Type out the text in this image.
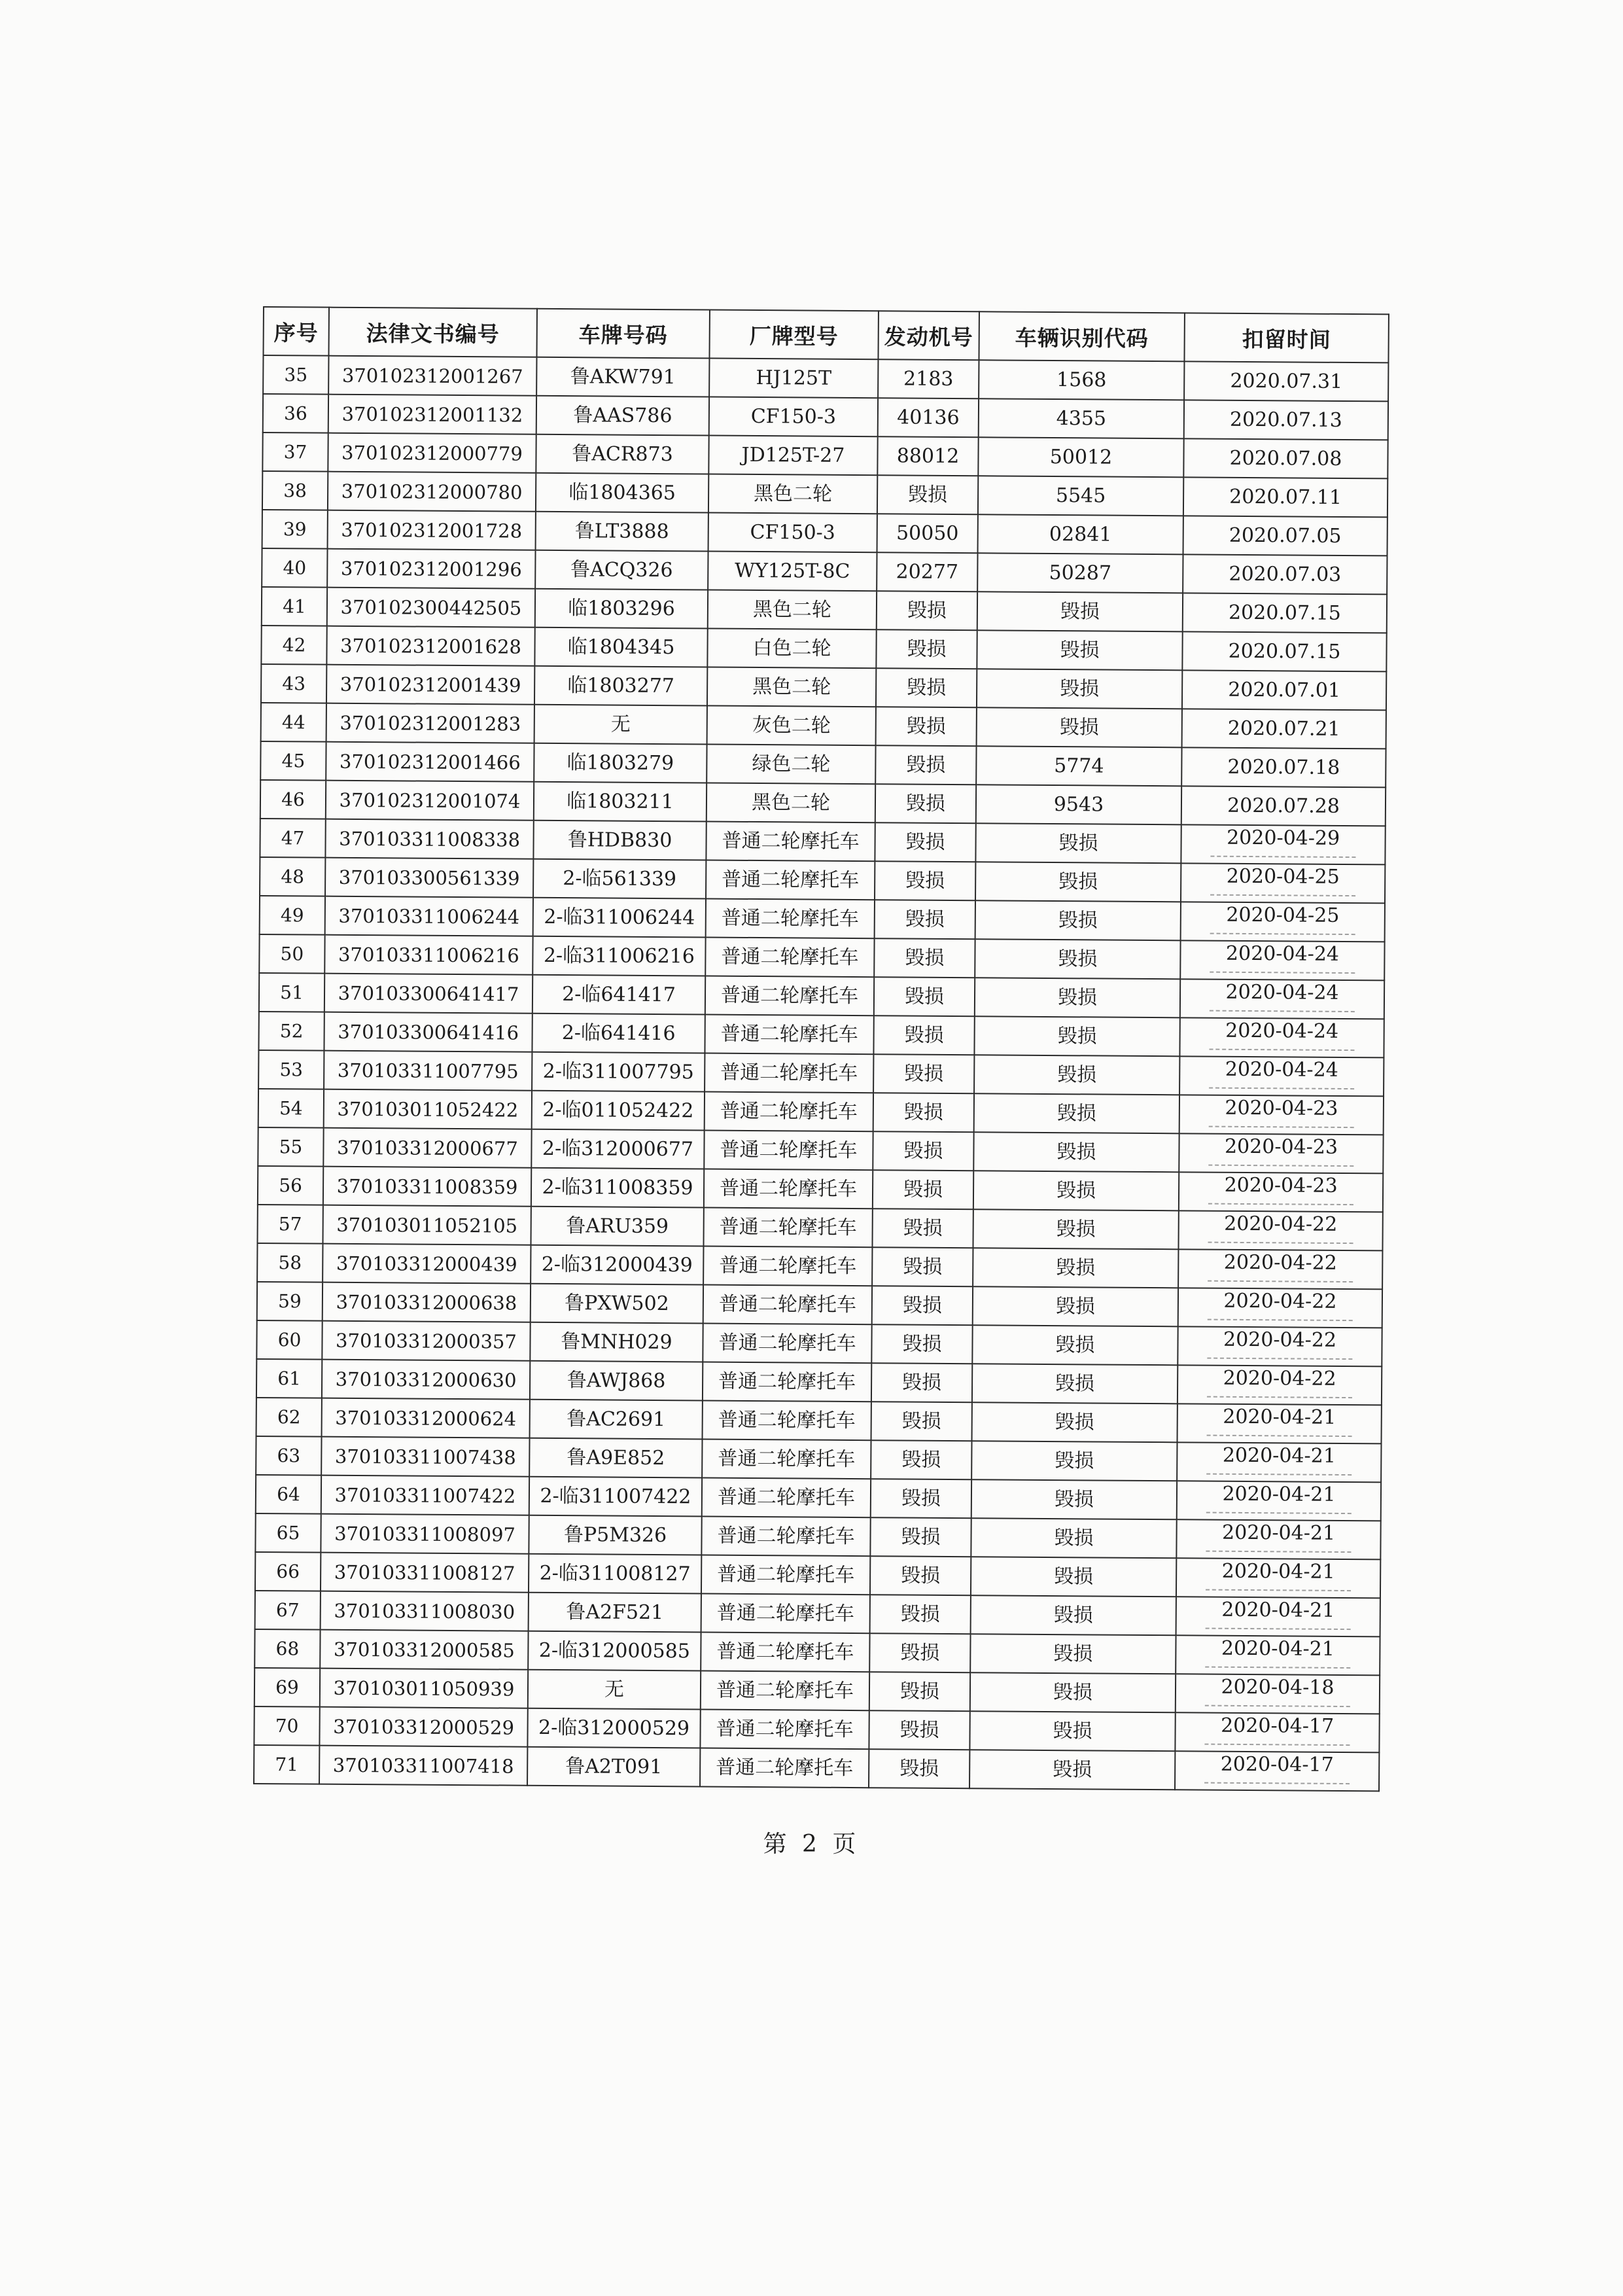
序号	法律文书编号	车牌号码	厂牌型号	发动机号	车辆识别代码	扣留时间
35	370102312001267	鲁AKW791	HJ125T	2183	1568	2020.07.31
36	370102312001132	鲁AAS786	CF150-3	40136	4355	2020.07.13
37	370102312000779	鲁ACR873	JD125T-27	88012	50012	2020.07.08
38	370102312000780	临1804365	黑色二轮	毁损	5545	2020.07.11
39	370102312001728	鲁LT3888	CF150-3	50050	02841	2020.07.05
40	370102312001296	鲁ACQ326	WY125T-8C	20277	50287	2020.07.03
41	370102300442505	临1803296	黑色二轮	毁损	毁损	2020.07.15
42	370102312001628	临1804345	白色二轮	毁损	毁损	2020.07.15
43	370102312001439	临1803277	黑色二轮	毁损	毁损	2020.07.01
44	370102312001283	无	灰色二轮	毁损	毁损	2020.07.21
45	370102312001466	临1803279	绿色二轮	毁损	5774	2020.07.18
46	370102312001074	临1803211	黑色二轮	毁损	9543	2020.07.28
47	370103311008338	鲁HDB830	普通二轮摩托车	毁损	毁损	2020-04-29
48	370103300561339	2-临561339	普通二轮摩托车	毁损	毁损	2020-04-25
49	370103311006244	2-临311006244	普通二轮摩托车	毁损	毁损	2020-04-25
50	370103311006216	2-临311006216	普通二轮摩托车	毁损	毁损	2020-04-24
51	370103300641417	2-临641417	普通二轮摩托车	毁损	毁损	2020-04-24
52	370103300641416	2-临641416	普通二轮摩托车	毁损	毁损	2020-04-24
53	370103311007795	2-临311007795	普通二轮摩托车	毁损	毁损	2020-04-24
54	370103011052422	2-临011052422	普通二轮摩托车	毁损	毁损	2020-04-23
55	370103312000677	2-临312000677	普通二轮摩托车	毁损	毁损	2020-04-23
56	370103311008359	2-临311008359	普通二轮摩托车	毁损	毁损	2020-04-23
57	370103011052105	鲁ARU359	普通二轮摩托车	毁损	毁损	2020-04-22
58	370103312000439	2-临312000439	普通二轮摩托车	毁损	毁损	2020-04-22
59	370103312000638	鲁PXW502	普通二轮摩托车	毁损	毁损	2020-04-22
60	370103312000357	鲁MNH029	普通二轮摩托车	毁损	毁损	2020-04-22
61	370103312000630	鲁AWJ868	普通二轮摩托车	毁损	毁损	2020-04-22
62	370103312000624	鲁AC2691	普通二轮摩托车	毁损	毁损	2020-04-21
63	370103311007438	鲁A9E852	普通二轮摩托车	毁损	毁损	2020-04-21
64	370103311007422	2-临311007422	普通二轮摩托车	毁损	毁损	2020-04-21
65	370103311008097	鲁P5M326	普通二轮摩托车	毁损	毁损	2020-04-21
66	370103311008127	2-临311008127	普通二轮摩托车	毁损	毁损	2020-04-21
67	370103311008030	鲁A2F521	普通二轮摩托车	毁损	毁损	2020-04-21
68	370103312000585	2-临312000585	普通二轮摩托车	毁损	毁损	2020-04-21
69	370103011050939	无	普通二轮摩托车	毁损	毁损	2020-04-18
70	370103312000529	2-临312000529	普通二轮摩托车	毁损	毁损	2020-04-17
71	370103311007418	鲁A2T091	普通二轮摩托车	毁损	毁损	2020-04-17
第 2 页
